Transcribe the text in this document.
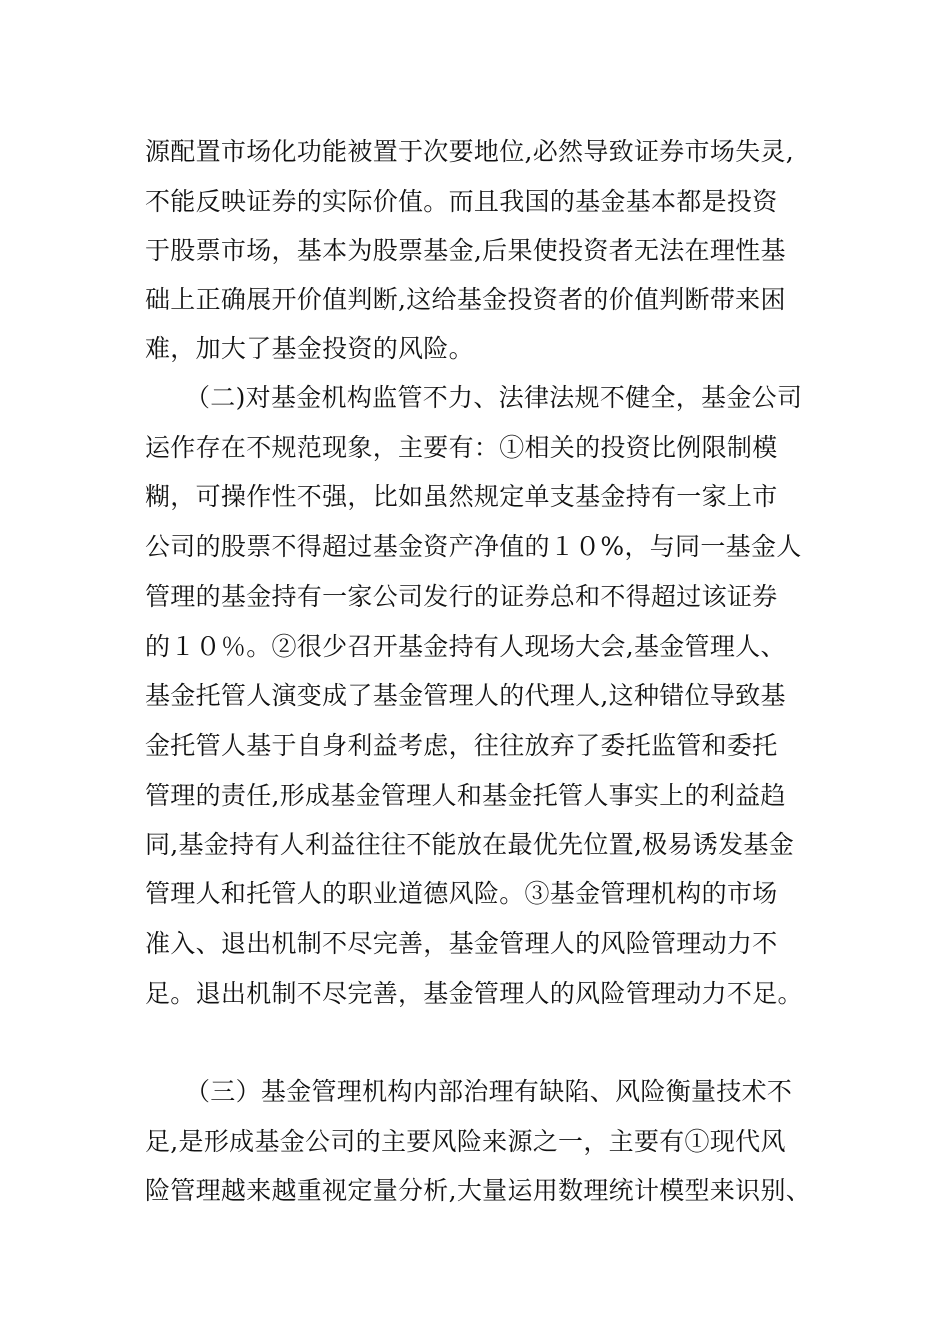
源配置市场化功能被置于次要地位,必然导致证券市场失灵,
不能反映证券的实际价值。而且我国的基金基本都是投资
于股票市场，基本为股票基金,后果使投资者无法在理性基
础上正确展开价值判断,这给基金投资者的价值判断带来困
难，加大了基金投资的风险。
（二)对基金机构监管不力、法律法规不健全，基金公司
运作存在不规范现象，主要有：①相关的投资比例限制模
糊，可操作性不强，比如虽然规定单支基金持有一家上市
公司的股票不得超过基金资产净值的１０%，与同一基金人
管理的基金持有一家公司发行的证券总和不得超过该证券
的１０％。②很少召开基金持有人现场大会,基金管理人、
基金托管人演变成了基金管理人的代理人,这种错位导致基
金托管人基于自身利益考虑，往往放弃了委托监管和委托
管理的责任,形成基金管理人和基金托管人事实上的利益趋
同,基金持有人利益往往不能放在最优先位置,极易诱发基金
管理人和托管人的职业道德风险。③基金管理机构的市场
准入、退出机制不尽完善，基金管理人的风险管理动力不
足。退出机制不尽完善，基金管理人的风险管理动力不足。
（三）基金管理机构内部治理有缺陷、风险衡量技术不
足,是形成基金公司的主要风险来源之一，主要有①现代风
险管理越来越重视定量分析,大量运用数理统计模型来识别、
